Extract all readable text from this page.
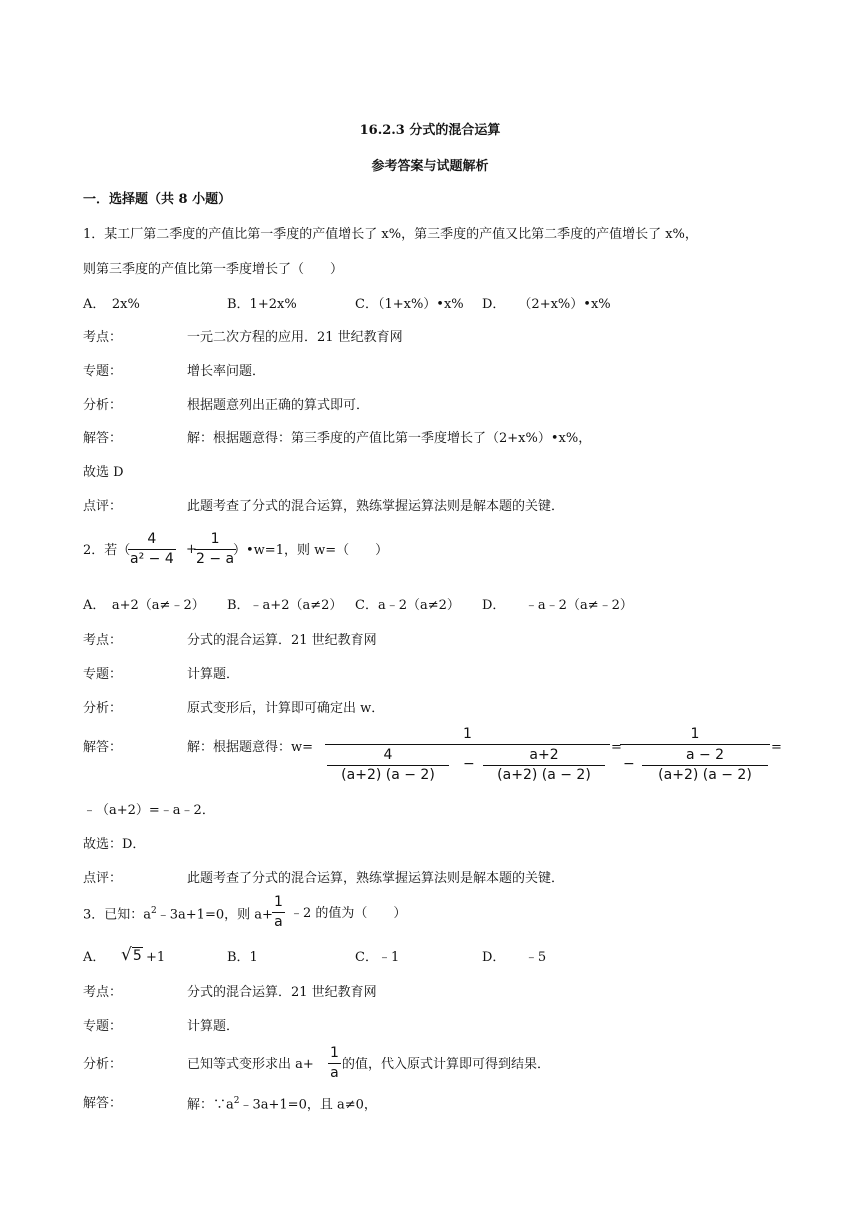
16.2.3 分式的混合运算
参考答案与试题解析
一．选择题（共 8 小题）
1．某工厂第二季度的产值比第一季度的产值增长了 x%，第三季度的产值又比第二季度的产值增长了 x%，
则第三季度的产值比第一季度增长了（　　）
A．　2x%	B．1+2x%	C．（1+x%）•x% D．　　（2+x%）•x%
考点：	一元二次方程的应用．21 世纪教育网
专题：	增长率问题．
分析：	根据题意列出正确的算式即可．
解答：	解：根据题意得：第三季度的产值比第一季度增长了（2+x%）•x%，
故选 D
点评：	此题考查了分式的混合运算，熟练掌握运算法则是解本题的关键．
2．若（
$\frac{4}{\text{a² − 4}}$ +
$\frac{1}{2 - a}$
）•w=1，则 w=（　　）
A．　a+2（a≠﹣2） B．﹣a+2（a≠2） C．a﹣2（a≠2） D．　　﹣a﹣2（a≠﹣2）
考点：	分式的混合运算．21 世纪教育网
专题：	计算题．
分析：	原式变形后，计算即可确定出 w．
解答：	解：根据题意得：w=
1
$\frac{4}{(a+2) (a - 2)} - \frac{a+2}{(a+2) (a - 2)}$ =
1
− $\frac{a - 2}{(a+2) (a - 2)}$ =
﹣（a+2）=﹣a﹣2．
故选：D．
点评：	此题考查了分式的混合运算，熟练掌握运算法则是解本题的关键．
3．已知：$a^2﹣3a+1=0$，则 $a+ \frac{1}{a}$ ﹣2 的值为（　　）
A． √5 +1	B．1	C．﹣1	D．　　﹣5
考点：	分式的混合运算．21 世纪教育网
专题：	计算题．
分析：	已知等式变形求出 $a+ \frac{1}{a}$ 的值，代入原式计算即可得到结果．
解答：	解：$\because a^2﹣3a+1=0$，且 a≠0，
